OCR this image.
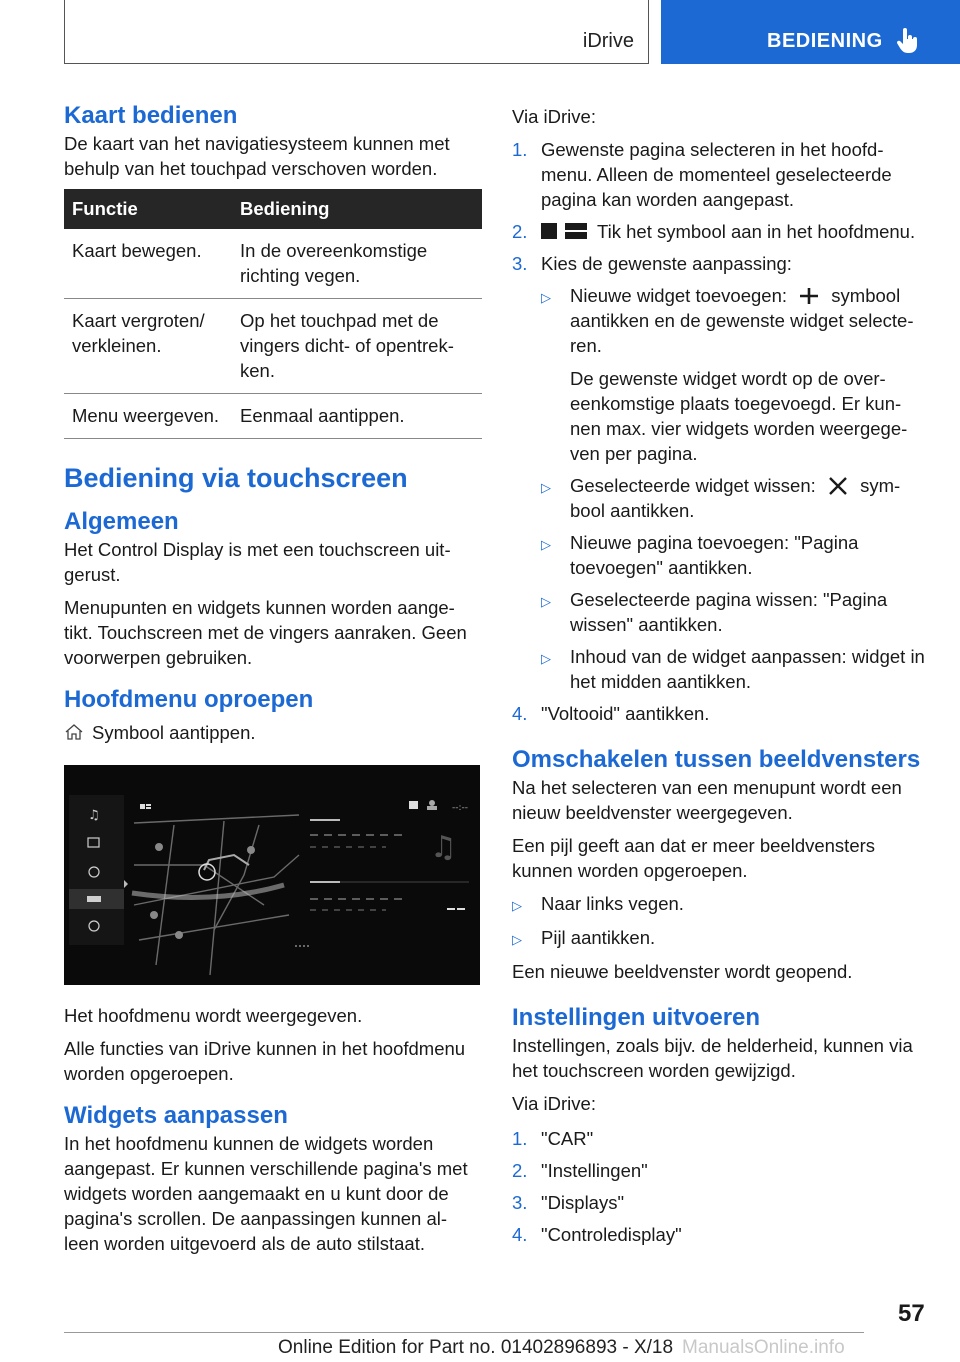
iDrive	BEDIENING
Kaart bedienen

De kaart van het navigatiesysteem kunnen met behulp van het touchpad verschoven worden.

Functie	Bediening
Kaart bewegen.	In de overeenkomstige richting vegen.
Kaart vergroten/ verkleinen.	Op het touchpad met de vingers dicht- of opentrek- ken.
Menu weergeven.	Eenmaal aantippen.
Bediening via touchscreen
Algemeen

Het Control Display is met een touchscreen uit- gerust.

Menupunten en widgets kunnen worden aange- tikt. Touchscreen met de vingers aanraken. Geen voorwerpen gebruiken.

Hoofdmenu oproepen

Symbool aantippen.

♫	--:--
♫

Het hoofdmenu wordt weergegeven.

Alle functies van iDrive kunnen in het hoofdmenu worden opgeroepen.

Widgets aanpassen

In het hoofdmenu kunnen de widgets worden aangepast. Er kunnen verschillende pagina's met widgets worden aangemaakt en u kunt door de pagina's scrollen. De aanpassingen kunnen al- leen worden uitgevoerd als de auto stilstaat.

Via iDrive:

1. Gewenste pagina selecteren in het hoofd- menu. Alleen de momenteel geselecteerde pagina kan worden aangepast.
2.	Tik het symbool aan in het hoofdmenu.
3. Kies de gewenste aanpassing:
▷	Nieuwe widget toevoegen: symbool aantikken en de gewenste widget selecte- ren.
De gewenste widget wordt op de over- eenkomstige plaats toegevoegd. Er kun- nen max. vier widgets worden weergege- ven per pagina.
▷	Geselecteerde widget wissen: sym- bool aantikken.
▷	Nieuwe pagina toevoegen: "Pagina toevoegen" aantikken.
▷	Geselecteerde pagina wissen: "Pagina wissen" aantikken.
▷	Inhoud van de widget aanpassen: widget in het midden aantikken.
4. "Voltooid" aantikken.
Omschakelen tussen beeldvensters

Na het selecteren van een menupunt wordt een nieuw beeldvenster weergegeven.

Een pijl geeft aan dat er meer beeldvensters kunnen worden opgeroepen.

▷	Naar links vegen.
▷	Pijl aantikken.

Een nieuwe beeldvenster wordt geopend.

Instellingen uitvoeren

Instellingen, zoals bijv. de helderheid, kunnen via het touchscreen worden gewijzigd.

Via iDrive:

1. "CAR"
2. "Instellingen"
3. "Displays"
4. "Controledisplay"
57
Online Edition for Part no. 01402896893 - X/18 ManualsOnline.info
